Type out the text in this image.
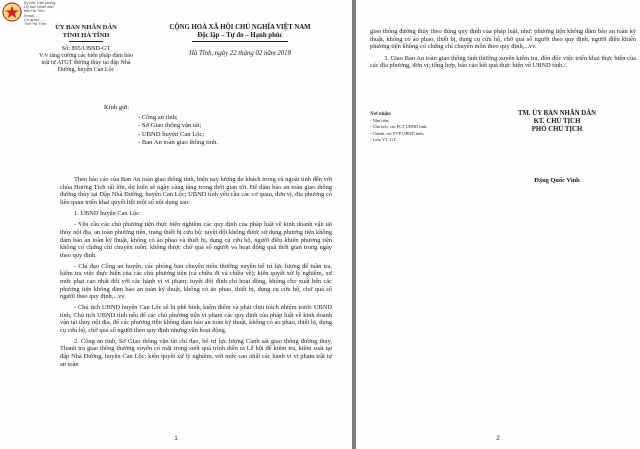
Ký bởi: Văn phòng
Ủy ban Nhân dân
tỉnh Hà Tĩnh
Email: ...
Cơ quan: ...
Tỉnh Hà Tĩnh	ỦY BAN NHÂN DÂN
TỈNH HÀ TĨNH
Số: 895/UBND-GT
V/v tăng cường các biện pháp đảm bảo trật tự ATGT đường thủy tại đập Nhà Đường, huyện Can Lộc
CỘNG HOÀ XÃ HỘI CHỦ NGHĨA VIỆT NAM
Độc lập – Tự do – Hạnh phúc
Hà Tĩnh, ngày 22 tháng 02 năm 2018
Kính gửi:
- Công an tỉnh;
- Sở Giao thông vận tải;
- UBND huyện Can Lộc;
- Ban An toàn giao thông tỉnh.

Theo báo cáo của Ban An toàn giao thông tỉnh, hiện nay lượng du khách trong và ngoài tỉnh đến với chùa Hương Tích rất lớn, dự kiến sẽ ngày càng tăng trong thời gian tới. Để đảm bảo an toàn giao thông đường thủy tại Đập Nhà Đường, huyện Can Lộc; UBND tỉnh yêu cầu các cơ quan, đơn vị, địa phương có liên quan triển khai quyết liệt một số nội dung sau:

1. UBND huyện Can Lộc:

- Yêu cầu các chủ phương tiện thực hiện nghiêm các quy định của pháp luật về kinh doanh vận tải thủy nội địa, an toàn phương tiện, trang thiết bị cứu hộ; tuyệt đối không được sử dụng phương tiện không đảm bảo an toàn kỹ thuật, không có áo phao và thiết bị, dụng cụ cứu hộ, người điều khiển phương tiện không có chứng chỉ chuyên môn, không được chở quá số người và hoạt động quá thời gian trong ngày theo quy định.

- Chỉ đạo Công an huyện, các phòng ban chuyên môn thường xuyên bố trí lực lượng để tuần tra, kiểm tra việc thực hiện của các chủ phương tiện (cả chiều đi và chiều về); kiên quyết xử lý nghiêm, xử mức phạt cao nhất đối với các hành vi vi phạm; tuyệt đối đình chỉ hoạt động, không cho xuất bến các phương tiện không đảm bảo an toàn kỹ thuật, không có áo phao, thiết bị, dụng cụ cứu hộ, chở quá số người theo quy định,...vv.

- Chủ tịch UBND huyện Can Lộc sẽ bị phê bình, kiểm điểm và phải chịu trách nhiệm trước UBND tỉnh, Chủ tịch UBND tỉnh nếu để các chủ phương tiện vi phạm các quy định của pháp luật về kinh doanh vận tải thủy nội địa, để các phương tiện không đảm bảo an toàn kỹ thuật, không có áo phao, thiết bị, dụng cụ cứu hộ, chở quá số người theo quy định nhưng vẫn hoạt động.

2. Công an tỉnh, Sở Giao thông vận tải chỉ đạo, bố trí lực lượng Cảnh sát giao thông đường thủy, Thanh tra giao thông thường xuyên có mặt trong suốt quá trình diễn ra Lễ hội để kiểm tra, kiểm soát tại đập Nhà Đường, huyện Can Lộc; kiên quyết xử lý nghiêm, với mức cao nhất các hành vi vi phạm trật tự an toàn

1

giao thông đường thủy theo đúng quy định của pháp luật, như: phương tiện không đảm bảo an toàn kỹ thuật, không có áo phao, thiết bị, dụng cụ cứu hộ, chở quá số người theo quy định, người điều khiển phương tiện không có chứng chỉ chuyên môn theo quy định,...vv.

3. Giao Ban An toàn giao thông tỉnh thường xuyên kiểm tra, đôn đốc việc triển khai thực hiện của các địa phương, đơn vị; tổng hợp, báo cáo kết quả thực hiện về UBND tỉnh./.

Nơi nhận:
- Như trên;
- Chủ tịch, các PCT UBND tỉnh;
- Chánh, các PVP UBND tỉnh;
- Lưu: VT, GT.
TM. ỦY BAN NHÂN DÂN
KT. CHỦ TỊCH
PHÓ CHỦ TỊCH
Đặng Quốc Vinh
2
